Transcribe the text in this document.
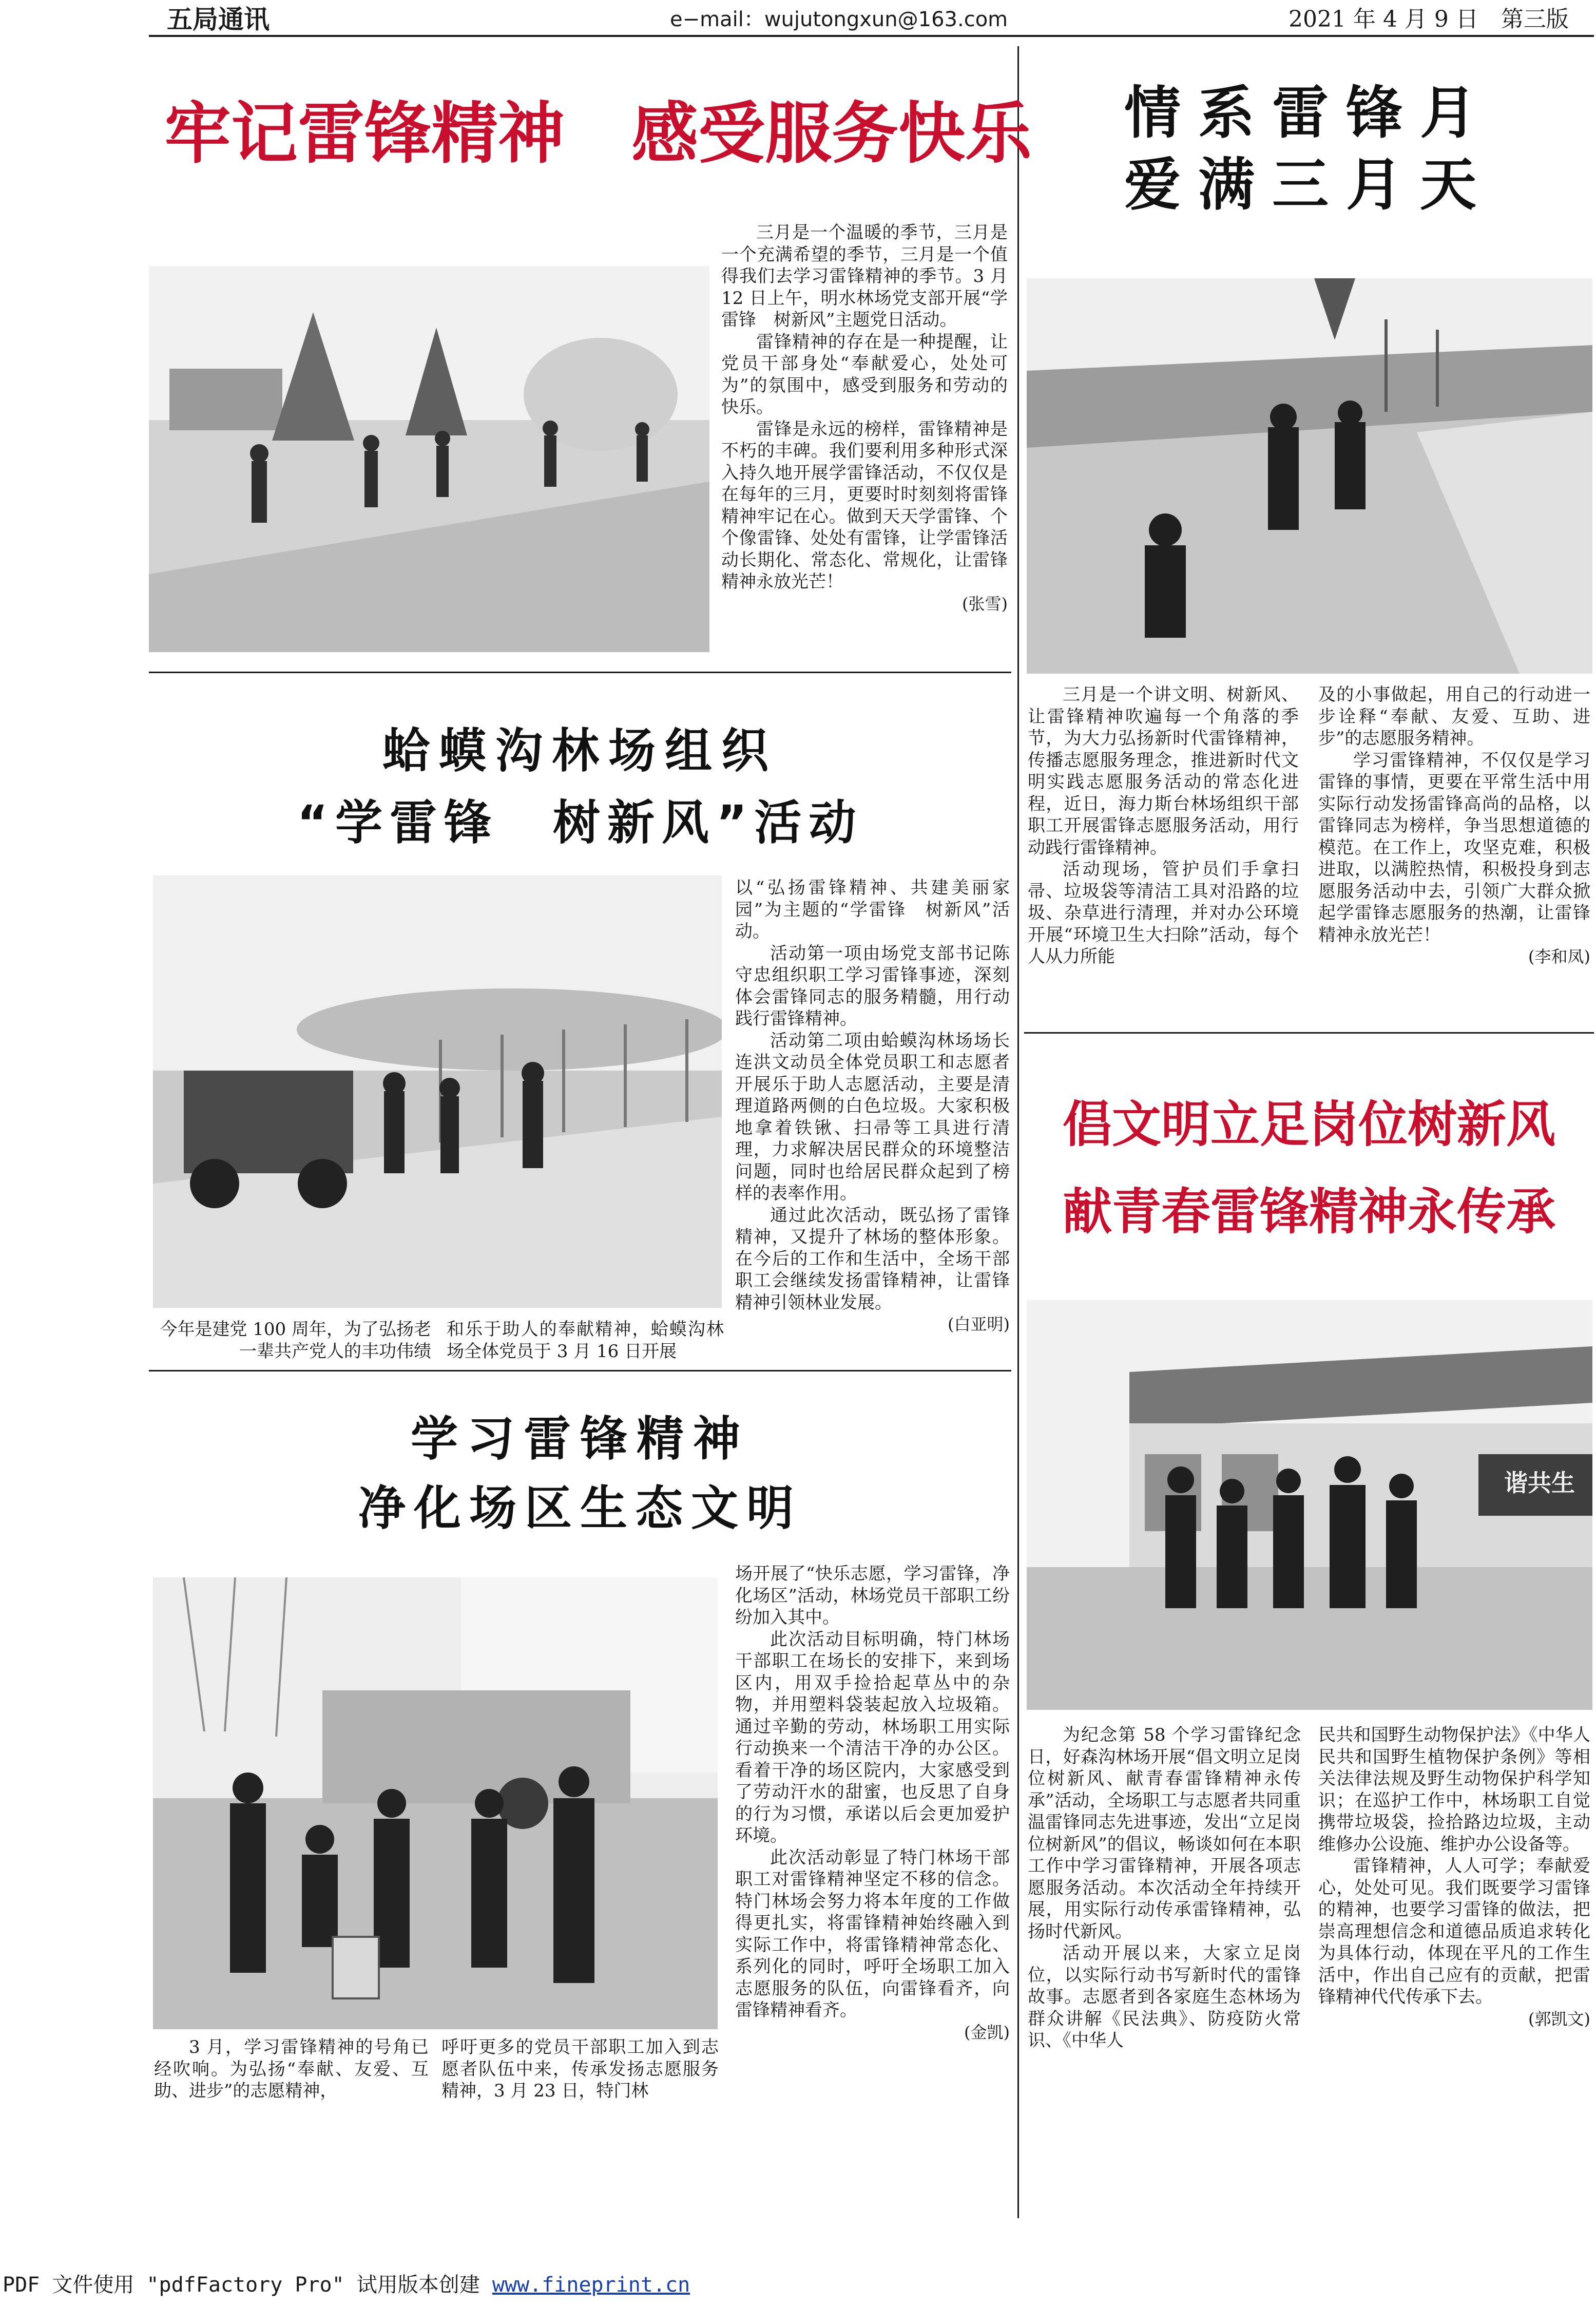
五局通讯	e−mail：wujutongxun@163.com	2021 年 4 月 9 日　第三版
牢记雷锋精神　感受服务快乐

三月是一个温暖的季节，三月是一个充满希望的季节，三月是一个值得我们去学习雷锋精神的季节。3 月 12 日上午，明水林场党支部开展“学雷锋　树新风”主题党日活动。

雷锋精神的存在是一种提醒，让党员干部身处“奉献爱心，处处可为”的氛围中，感受到服务和劳动的快乐。

雷锋是永远的榜样，雷锋精神是不朽的丰碑。我们要利用多种形式深入持久地开展学雷锋活动，不仅仅是在每年的三月，更要时时刻刻将雷锋精神牢记在心。做到天天学雷锋、个个像雷锋、处处有雷锋，让学雷锋活动长期化、常态化、常规化，让雷锋精神永放光芒！

(张雪)
蛤蟆沟林场组织
“学雷锋　树新风”活动

今年是建党 100 周年，为了弘扬老一辈共产党人的丰功伟绩

和乐于助人的奉献精神，蛤蟆沟林场全体党员于 3 月 16 日开展

以“弘扬雷锋精神、共建美丽家园”为主题的“学雷锋　树新风”活动。

活动第一项由场党支部书记陈守忠组织职工学习雷锋事迹，深刻体会雷锋同志的服务精髓，用行动践行雷锋精神。

活动第二项由蛤蟆沟林场场长连洪文动员全体党员职工和志愿者开展乐于助人志愿活动，主要是清理道路两侧的白色垃圾。大家积极地拿着铁锹、扫帚等工具进行清理，力求解决居民群众的环境整洁问题，同时也给居民群众起到了榜样的表率作用。

通过此次活动，既弘扬了雷锋精神，又提升了林场的整体形象。在今后的工作和生活中，全场干部职工会继续发扬雷锋精神，让雷锋精神引领林业发展。

(白亚明)
学习雷锋精神
净化场区生态文明

3 月，学习雷锋精神的号角已经吹响。为弘扬“奉献、友爱、互助、进步”的志愿精神，

呼吁更多的党员干部职工加入到志愿者队伍中来，传承发扬志愿服务精神，3 月 23 日，特门林

场开展了“快乐志愿，学习雷锋，净化场区”活动，林场党员干部职工纷纷加入其中。

此次活动目标明确，特门林场干部职工在场长的安排下，来到场区内，用双手捡拾起草丛中的杂物，并用塑料袋装起放入垃圾箱。通过辛勤的劳动，林场职工用实际行动换来一个清洁干净的办公区。看着干净的场区院内，大家感受到了劳动汗水的甜蜜，也反思了自身的行为习惯，承诺以后会更加爱护环境。

此次活动彰显了特门林场干部职工对雷锋精神坚定不移的信念。特门林场会努力将本年度的工作做得更扎实，将雷锋精神始终融入到实际工作中，将雷锋精神常态化、系列化的同时，呼吁全场职工加入志愿服务的队伍，向雷锋看齐，向雷锋精神看齐。

(金凯)
情系雷锋月
爱满三月天

三月是一个讲文明、树新风、让雷锋精神吹遍每一个角落的季节，为大力弘扬新时代雷锋精神，传播志愿服务理念，推进新时代文明实践志愿服务活动的常态化进程，近日，海力斯台林场组织干部职工开展雷锋志愿服务活动，用行动践行雷锋精神。

活动现场，管护员们手拿扫帚、垃圾袋等清洁工具对沿路的垃圾、杂草进行清理，并对办公环境开展“环境卫生大扫除”活动，每个人从力所能

及的小事做起，用自己的行动进一步诠释“奉献、友爱、互助、进步”的志愿服务精神。

学习雷锋精神，不仅仅是学习雷锋的事情，更要在平常生活中用实际行动发扬雷锋高尚的品格，以雷锋同志为榜样，争当思想道德的模范。在工作上，攻坚克难，积极进取，以满腔热情，积极投身到志愿服务活动中去，引领广大群众掀起学雷锋志愿服务的热潮，让雷锋精神永放光芒！

(李和凤)
倡文明立足岗位树新风
献青春雷锋精神永传承
谐共生

为纪念第 58 个学习雷锋纪念日，好森沟林场开展“倡文明立足岗位树新风、献青春雷锋精神永传承”活动，全场职工与志愿者共同重温雷锋同志先进事迹，发出“立足岗位树新风”的倡议，畅谈如何在本职工作中学习雷锋精神，开展各项志愿服务活动。本次活动全年持续开展，用实际行动传承雷锋精神，弘扬时代新风。

活动开展以来，大家立足岗位，以实际行动书写新时代的雷锋故事。志愿者到各家庭生态林场为群众讲解《民法典》、防疫防火常识、《中华人

民共和国野生动物保护法》《中华人民共和国野生植物保护条例》等相关法律法规及野生动物保护科学知识；在巡护工作中，林场职工自觉携带垃圾袋，捡拾路边垃圾，主动维修办公设施、维护办公设备等。

雷锋精神，人人可学；奉献爱心，处处可见。我们既要学习雷锋的精神，也要学习雷锋的做法，把崇高理想信念和道德品质追求转化为具体行动，体现在平凡的工作生活中，作出自己应有的贡献，把雷锋精神代代传承下去。

(郭凯文)
PDF 文件使用 "pdfFactory Pro" 试用版本创建 www.fineprint.cn
